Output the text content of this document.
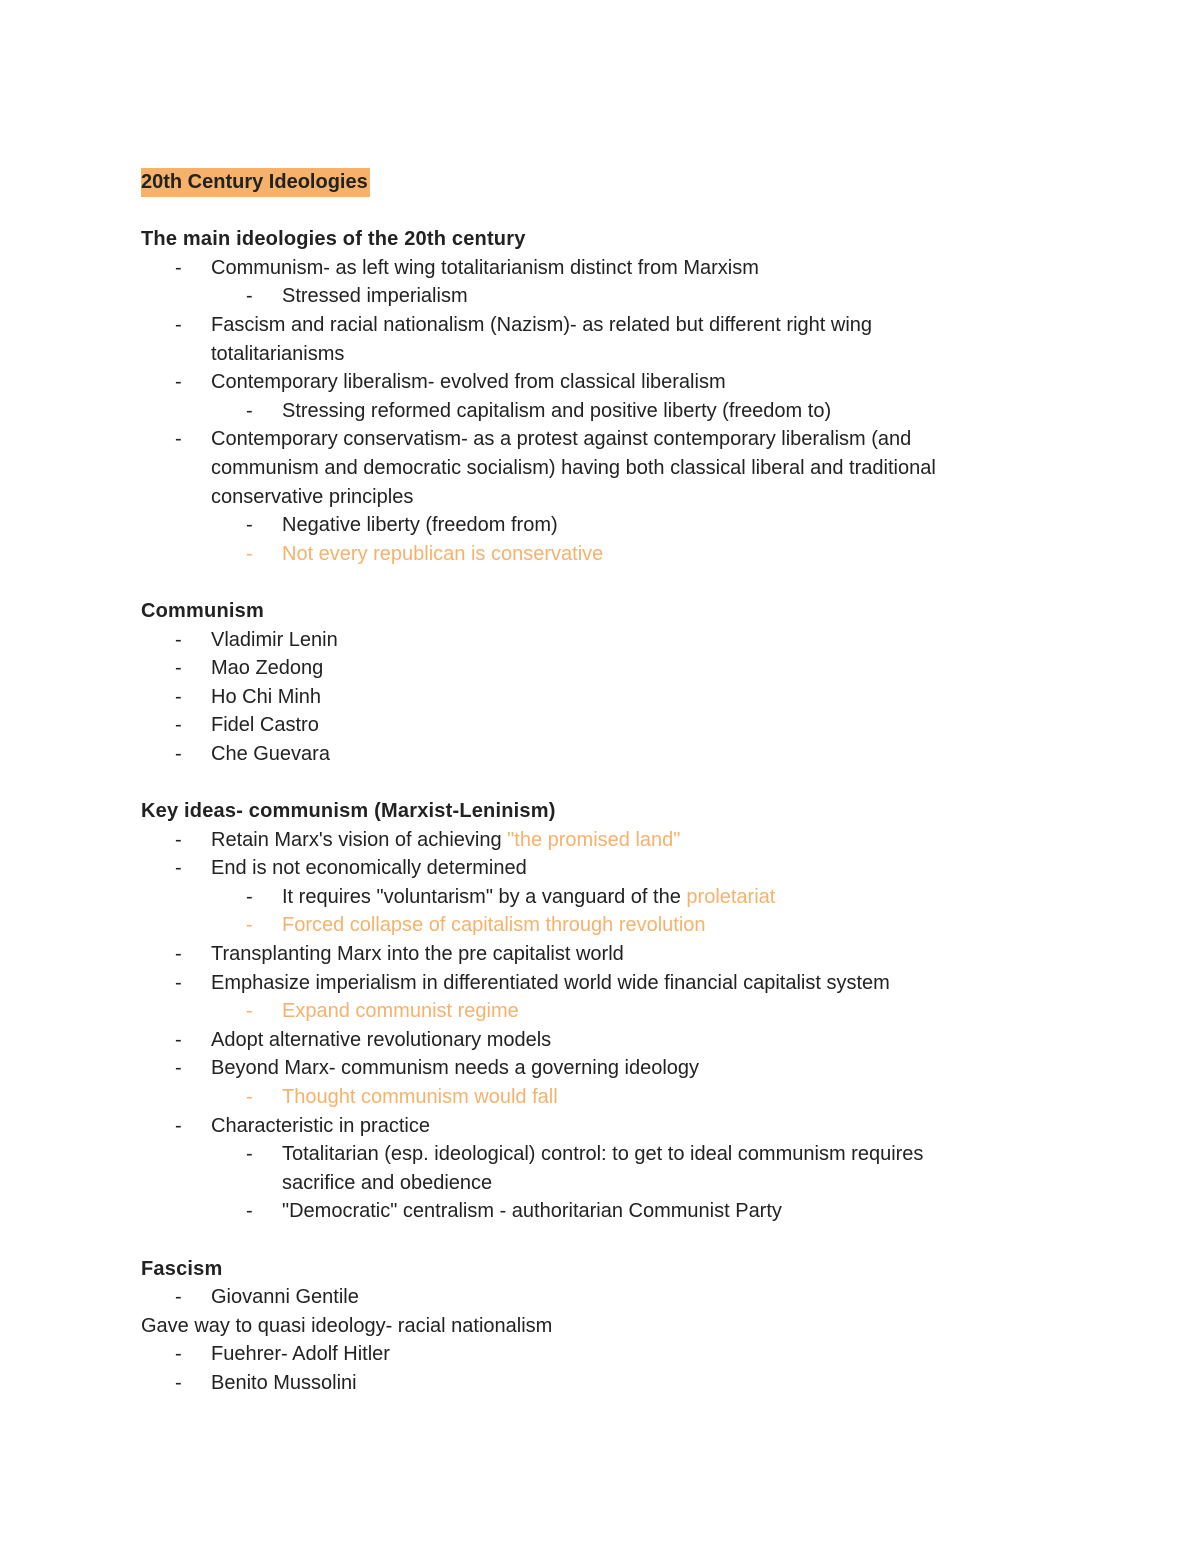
20th Century Ideologies
The main ideologies of the 20th century
- Communism- as left wing totalitarianism distinct from Marxism
- Stressed imperialism
- Fascism and racial nationalism (Nazism)- as related but different right wing totalitarianisms
- Contemporary liberalism- evolved from classical liberalism
- Stressing reformed capitalism and positive liberty (freedom to)
- Contemporary conservatism- as a protest against contemporary liberalism (and communism and democratic socialism) having both classical liberal and traditional conservative principles
- Negative liberty (freedom from)
- Not every republican is conservative
Communism
- Vladimir Lenin
- Mao Zedong
- Ho Chi Minh
- Fidel Castro
- Che Guevara
Key ideas- communism (Marxist-Leninism)
- Retain Marx's vision of achieving "the promised land"
- End is not economically determined
- It requires "voluntarism" by a vanguard of the proletariat
- Forced collapse of capitalism through revolution
- Transplanting Marx into the pre capitalist world
- Emphasize imperialism in differentiated world wide financial capitalist system
- Expand communist regime
- Adopt alternative revolutionary models
- Beyond Marx- communism needs a governing ideology
- Thought communism would fall
- Characteristic in practice
- Totalitarian (esp. ideological) control: to get to ideal communism requires sacrifice and obedience
- "Democratic" centralism - authoritarian Communist Party
Fascism
- Giovanni Gentile
Gave way to quasi ideology- racial nationalism
- Fuehrer- Adolf Hitler
- Benito Mussolini
